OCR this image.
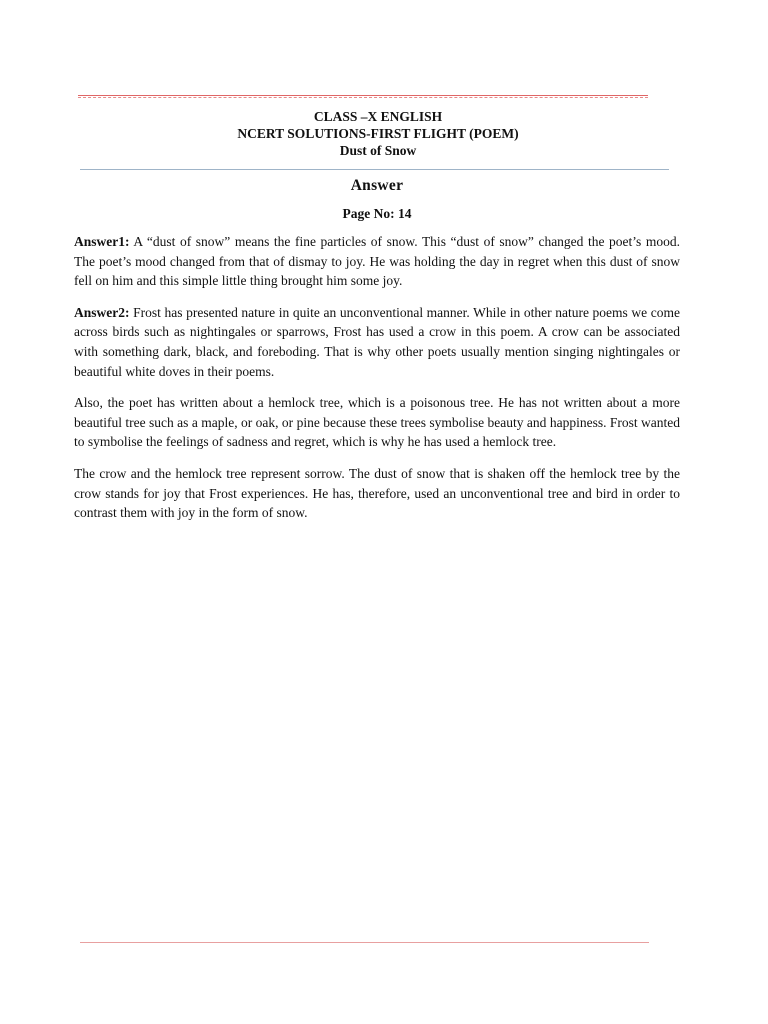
CLASS –X ENGLISH
NCERT SOLUTIONS-FIRST FLIGHT (POEM)
Dust of Snow
Answer
Page No: 14

Answer1: A “dust of snow” means the fine particles of snow. This “dust of snow” changed the poet’s mood. The poet’s mood changed from that of dismay to joy. He was holding the day in regret when this dust of snow fell on him and this simple little thing brought him some joy.

Answer2: Frost has presented nature in quite an unconventional manner. While in other nature poems we come across birds such as nightingales or sparrows, Frost has used a crow in this poem. A crow can be associated with something dark, black, and foreboding. That is why other poets usually mention singing nightingales or beautiful white doves in their poems.

Also, the poet has written about a hemlock tree, which is a poisonous tree. He has not written about a more beautiful tree such as a maple, or oak, or pine because these trees symbolise beauty and happiness. Frost wanted to symbolise the feelings of sadness and regret, which is why he has used a hemlock tree.

The crow and the hemlock tree represent sorrow. The dust of snow that is shaken off the hemlock tree by the crow stands for joy that Frost experiences. He has, therefore, used an unconventional tree and bird in order to contrast them with joy in the form of snow.
